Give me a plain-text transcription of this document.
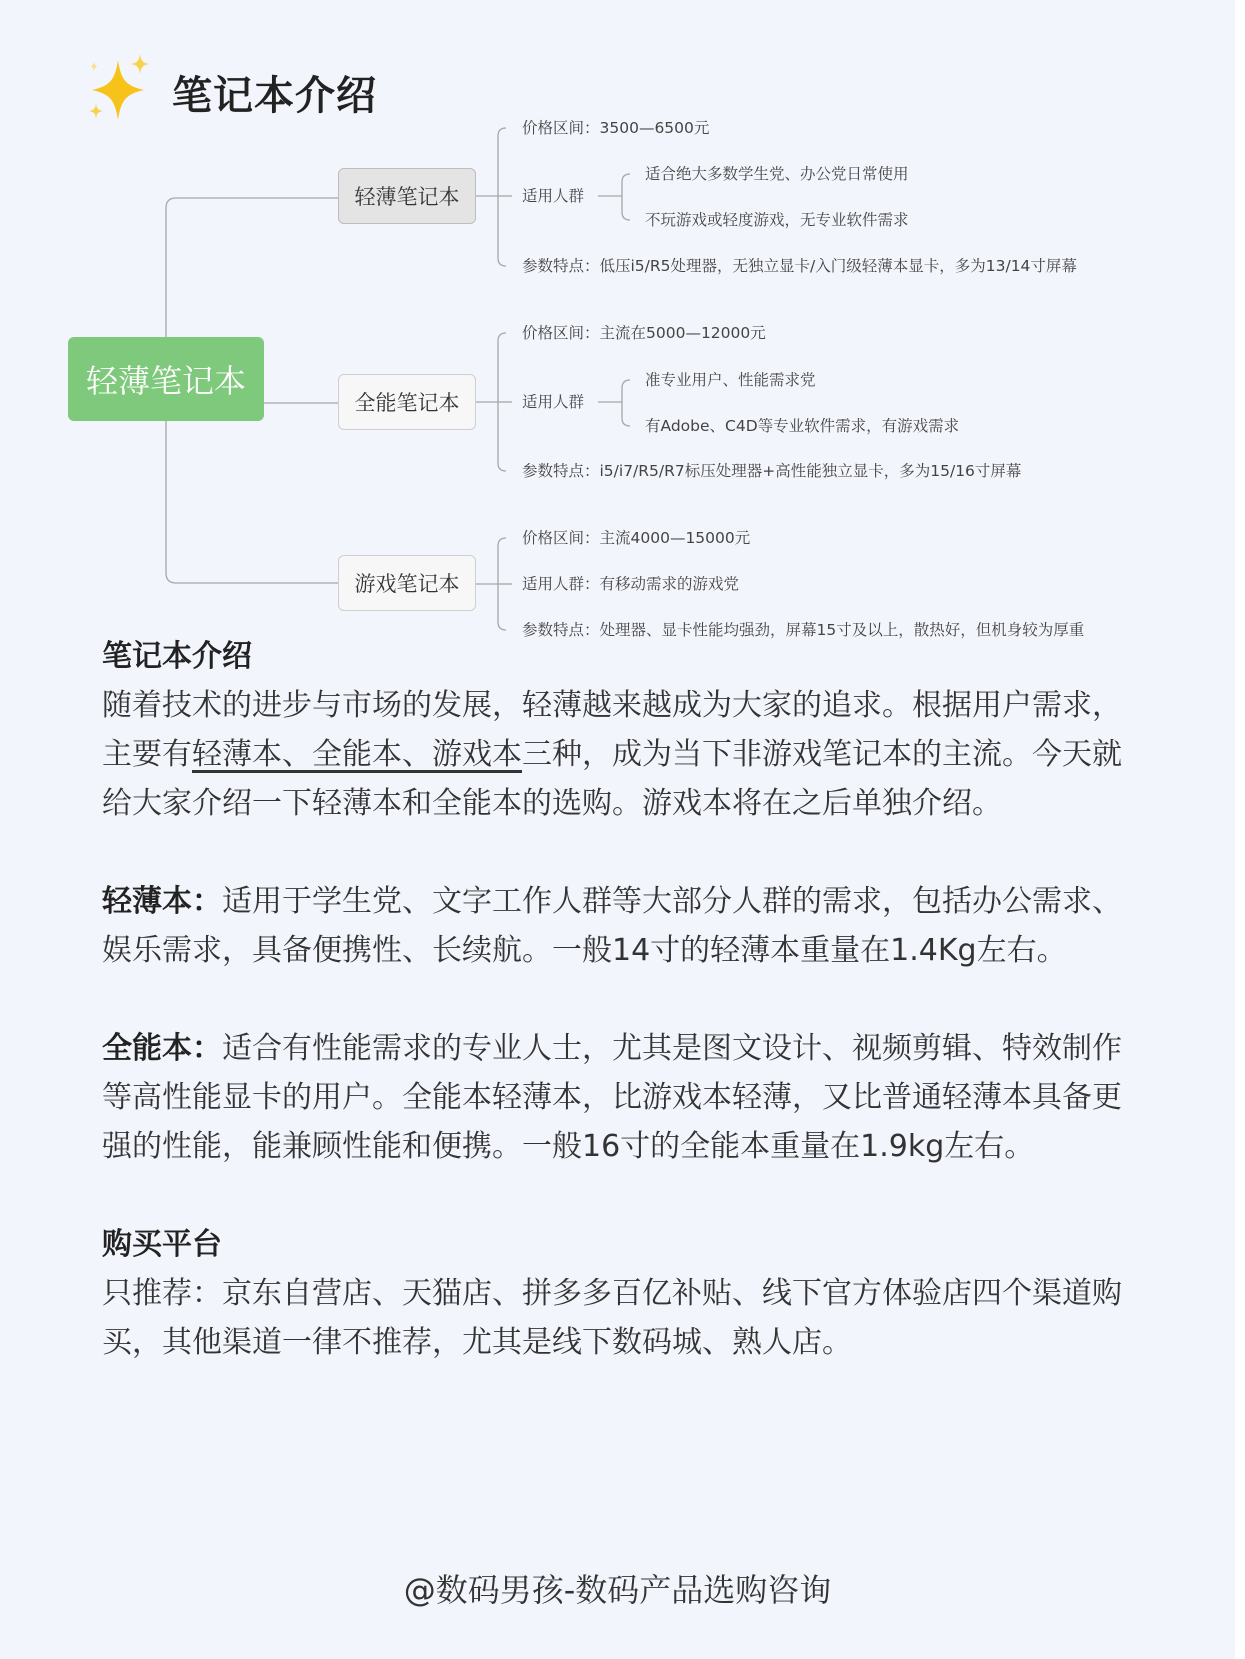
笔记本介绍
轻薄笔记本
轻薄笔记本
全能笔记本
游戏笔记本
价格区间：3500—6500元
适用人群
适合绝大多数学生党、办公党日常使用
不玩游戏或轻度游戏，无专业软件需求
参数特点：低压i5/R5处理器，无独立显卡/入门级轻薄本显卡，多为13/14寸屏幕
价格区间：主流在5000—12000元
适用人群
准专业用户、性能需求党
有Adobe、C4D等专业软件需求，有游戏需求
参数特点：i5/i7/R5/R7标压处理器+高性能独立显卡，多为15/16寸屏幕
价格区间：主流4000—15000元
适用人群：有移动需求的游戏党
参数特点：处理器、显卡性能均强劲，屏幕15寸及以上，散热好，但机身较为厚重
笔记本介绍

随着技术的进步与市场的发展，轻薄越来越成为大家的追求。根据用户需求，主要有轻薄本、全能本、游戏本三种，成为当下非游戏笔记本的主流。今天就给大家介绍一下轻薄本和全能本的选购。游戏本将在之后单独介绍。

轻薄本：适用于学生党、文字工作人群等大部分人群的需求，包括办公需求、娱乐需求，具备便携性、长续航。一般14寸的轻薄本重量在1.4Kg左右。

全能本：适合有性能需求的专业人士，尤其是图文设计、视频剪辑、特效制作等高性能显卡的用户。全能本轻薄本，比游戏本轻薄，又比普通轻薄本具备更强的性能，能兼顾性能和便携。一般16寸的全能本重量在1.9kg左右。

购买平台

只推荐：京东自营店、天猫店、拼多多百亿补贴、线下官方体验店四个渠道购买，其他渠道一律不推荐，尤其是线下数码城、熟人店。

@数码男孩-数码产品选购咨询
